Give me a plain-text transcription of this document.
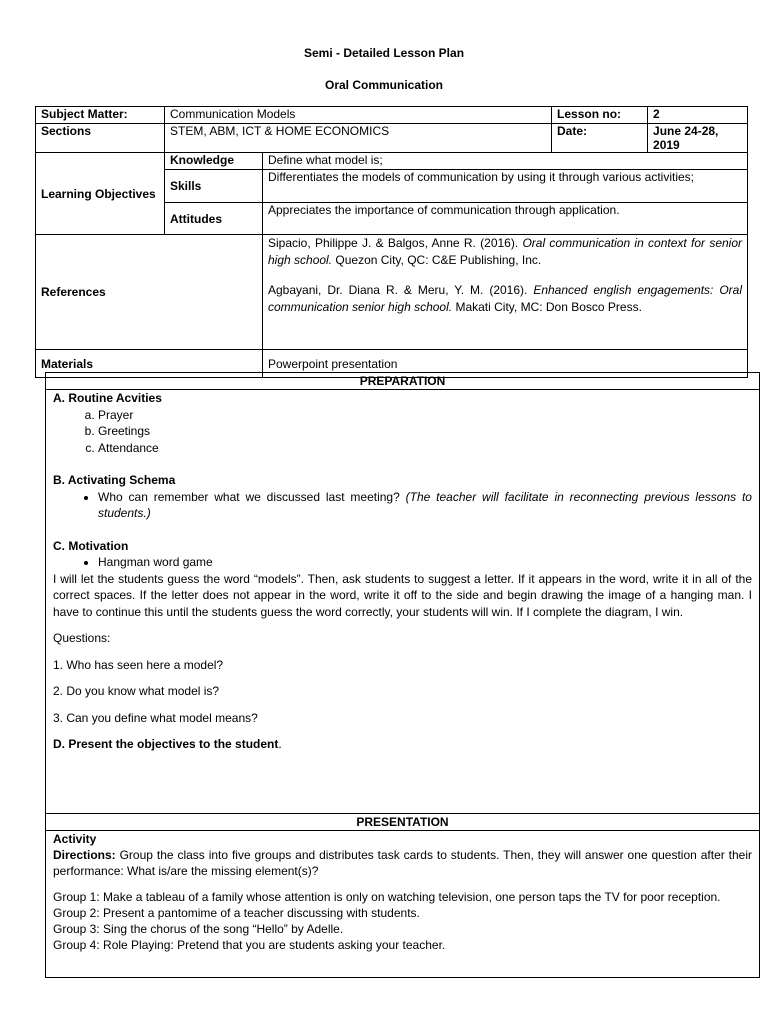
Semi - Detailed Lesson Plan
Oral Communication
Subject Matter:	Communication Models		Lesson no:	2
Sections	STEM, ABM, ICT & HOME ECONOMICS		Date:	June 24-28, 2019
Learning Objectives	Knowledge	Define what model is;		
	Skills	Differentiates the models of communication by using it through various activities;		
	Attitudes	Appreciates the importance of communication through application.		
References		Sipacio, Philippe J. & Balgos, Anne R. (2016). Oral communication in context for senior high school. Quezon City, QC: C&E Publishing, Inc.
Agbayani, Dr. Diana R. & Meru, Y. M. (2016). Enhanced english engagements: Oral communication senior high school. Makati City, MC: Don Bosco Press.		

Materials		Powerpoint presentation		
PREPARATION

A. Routine Acvities

a. Prayer
b. Greetings
c. Attendance

B. Activating Schema

• Who can remember what we discussed last meeting? (The teacher will facilitate in reconnecting previous lessons to students.)

C. Motivation

• Hangman word game

I will let the students guess the word “models”. Then, ask students to suggest a letter. If it appears in the word, write it in all of the correct spaces. If the letter does not appear in the word, write it off to the side and begin drawing the image of a hanging man. I have to continue this until the students guess the word correctly, your students will win. If I complete the diagram, I win.

Questions:

1. Who has seen here a model?

2. Do you know what model is?

3. Can you define what model means?

D. Present the objectives to the student.

PRESENTATION

Activity

Directions: Group the class into five groups and distributes task cards to students. Then, they will answer one question after their performance: What is/are the missing element(s)?

Group 1: Make a tableau of a family whose attention is only on watching television, one person taps the TV for poor reception.

Group 2: Present a pantomime of a teacher discussing with students.

Group 3: Sing the chorus of the song “Hello” by Adelle.

Group 4: Role Playing: Pretend that you are students asking your teacher.
